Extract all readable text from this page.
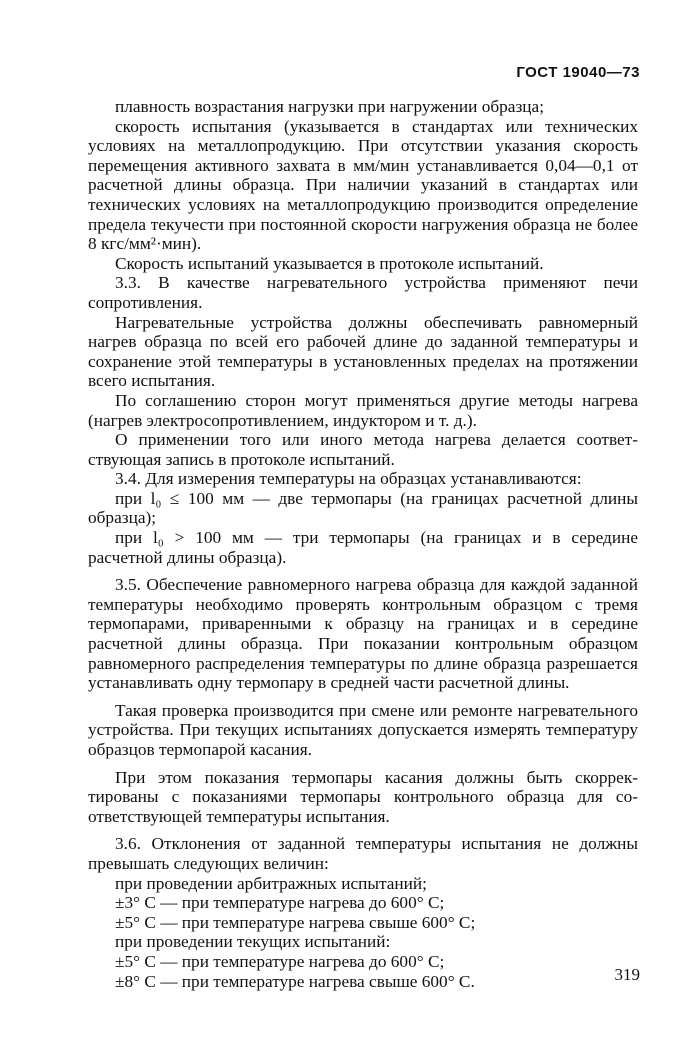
ГОСТ 19040—73

плавность возрастания нагрузки при нагружении образца;

скорость испытания (указывается в стандартах или технических условиях на металлопродукцию. При отсутствии указания скорость перемещения активного захвата в мм/мин устанавливается 0,04—0,1 от расчетной длины образца. При наличии указаний в стандартах или технических условиях на металлопродукцию производится определение предела текучести при постоянной скорости нагружения образца не более 8 кгс/мм²·мин).

Скорость испытаний указывается в протоколе испытаний.

3.3. В качестве нагревательного устройства применяют печи сопротивления.

Нагревательные устройства должны обеспечивать равномерный нагрев образца по всей его рабочей длине до заданной температуры и сохранение этой температуры в установленных пределах на протяжении всего испытания.

По соглашению сторон могут применяться другие методы нагрева (нагрев электросопротивлением, индуктором и т. д.).

О применении того или иного метода нагрева делается соответствующая запись в протоколе испытаний.

3.4. Для измерения температуры на образцах устанавливаются:

при l₀ ≤ 100 мм — две термопары (на границах расчетной длины образца);

при l₀ > 100 мм — три термопары (на границах и в середине расчетной длины образца).

3.5. Обеспечение равномерного нагрева образца для каждой заданной температуры необходимо проверять контрольным образцом с тремя термопарами, приваренными к образцу на границах и в середине расчетной длины образца. При показании контрольным образцом равномерного распределения температуры по длине образца разрешается устанавливать одну термопару в средней части расчетной длины.

Такая проверка производится при смене или ремонте нагревательного устройства. При текущих испытаниях допускается измерять температуру образцов термопарой касания.

При этом показания термопары касания должны быть скорректированы с показаниями термопары контрольного образца для соответствующей температуры испытания.

3.6. Отклонения от заданной температуры испытания не должны превышать следующих величин:

при проведении арбитражных испытаний;

±3° C — при температуре нагрева до 600° C;

±5° C — при температуре нагрева свыше 600° C;

при проведении текущих испытаний:

±5° C — при температуре нагрева до 600° C;

±8° C — при температуре нагрева свыше 600° C.	319
